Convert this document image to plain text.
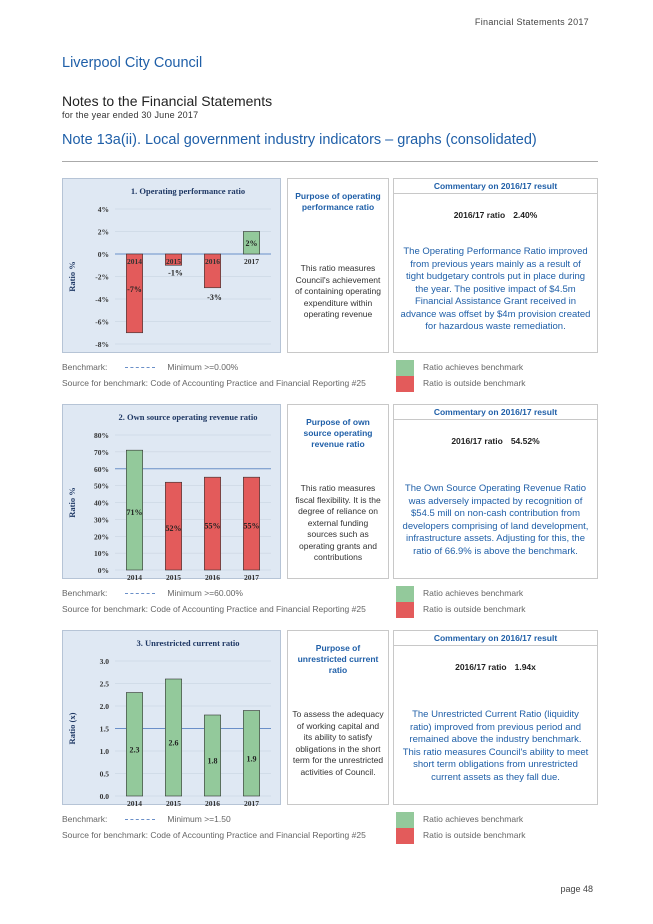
Financial Statements 2017
Liverpool City Council
Notes to the Financial Statements
for the year ended 30 June 2017
Note 13a(ii). Local government industry indicators – graphs (consolidated)
1. Operating performance ratio
4%
2%
0%
-2%
-4%
-6%
-8%
Ratio %	-7%
2014
-1%
2015
-3%
2016
2%
2017
Purpose of operating performance ratio
This ratio measures Council's achievement of containing operating expenditure within operating revenue
Commentary on 2016/17 result
2016/17 ratio 2.40%
The Operating Performance Ratio improved from previous years mainly as a result of tight budgetary controls put in place during the year. The positive impact of $4.5m Financial Assistance Grant received in advance was offset by $4m provision created for hazardous waste remediation.
Benchmark:	Minimum >=0.00%
Source for benchmark: Code of Accounting Practice and Financial Reporting #25
Ratio achieves benchmark
Ratio is outside benchmark
2. Own source operating revenue ratio
80%
70%
60%
50%
40%
30%
20%
10%
0%
Ratio %	71%
2014
52%
2015
55%
2016
55%
2017
Purpose of own source operating revenue ratio
This ratio measures fiscal flexibility. It is the degree of reliance on external funding sources such as operating grants and contributions
Commentary on 2016/17 result
2016/17 ratio 54.52%
The Own Source Operating Revenue Ratio was adversely impacted by recognition of $54.5 mill on non-cash contribution from developers comprising of land development, infrastructure assets. Adjusting for this, the ratio of 66.9% is above the benchmark.
Benchmark:	Minimum >=60.00%
Source for benchmark: Code of Accounting Practice and Financial Reporting #25
Ratio achieves benchmark
Ratio is outside benchmark
3. Unrestricted current ratio
3.0
2.5
2.0
1.5
1.0
0.5
0.0
Ratio (x)
2.3
2014
2.6
2015
1.8
2016
1.9
2017
Purpose of unrestricted current ratio
To assess the adequacy of working capital and its ability to satisfy obligations in the short term for the unrestricted activities of Council.
Commentary on 2016/17 result
2016/17 ratio 1.94x
The Unrestricted Current Ratio (liquidity ratio) improved from previous period and remained above the industry benchmark. This ratio measures Council's ability to meet short term obligations from unrestricted current assets as they fall due.
Benchmark:	Minimum >=1.50
Source for benchmark: Code of Accounting Practice and Financial Reporting #25
Ratio achieves benchmark
Ratio is outside benchmark
page 48
